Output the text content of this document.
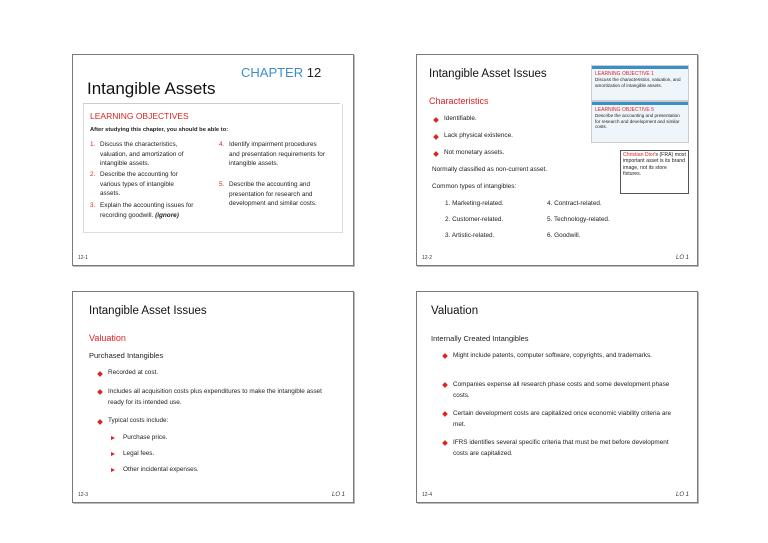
CHAPTER 12
Intangible Assets
LEARNING OBJECTIVES
After studying this chapter, you should be able to:
1. Discuss the characteristics, valuation, and amortization of intangible assets.
2. Describe the accounting for various types of intangible assets.
3. Explain the accounting issues for recording goodwill. (ignore)
4. Identify impairment procedures and presentation requirements for intangible assets.
5. Describe the accounting and presentation for research and development and similar costs.
12-1
Intangible Asset Issues	LEARNING OBJECTIVE 1
Discuss the characteristics, valuation, and amortization of intangible assets.
LEARNING OBJECTIVE 5
Describe the accounting and presentation for research and development and similar costs.
Characteristics
Identifiable.
Lack physical existence.
Not monetary assets.
Normally classified as non-current asset.
Common types of intangibles:
Christian Dior's (FRA) most important asset is its brand image, not its store fixtures.
1. Marketing-related.
2. Customer-related.
3. Artistic-related.
4. Contract-related.
5. Technology-related.
6. Goodwill.
12-2	LO 1
Intangible Asset Issues
Valuation
Purchased Intangibles
Recorded at cost.
Includes all acquisition costs plus expenditures to make the intangible asset ready for its intended use.
Typical costs include:
Purchase price.
Legal fees.
Other incidental expenses.
12-3	LO 1
Valuation
Internally Created Intangibles
Might include patents, computer software, copyrights, and trademarks.
Companies expense all research phase costs and some development phase costs.
Certain development costs are capitalized once economic viability criteria are met.
IFRS identifies several specific criteria that must be met before development costs are capitalized.
12-4	LO 1
